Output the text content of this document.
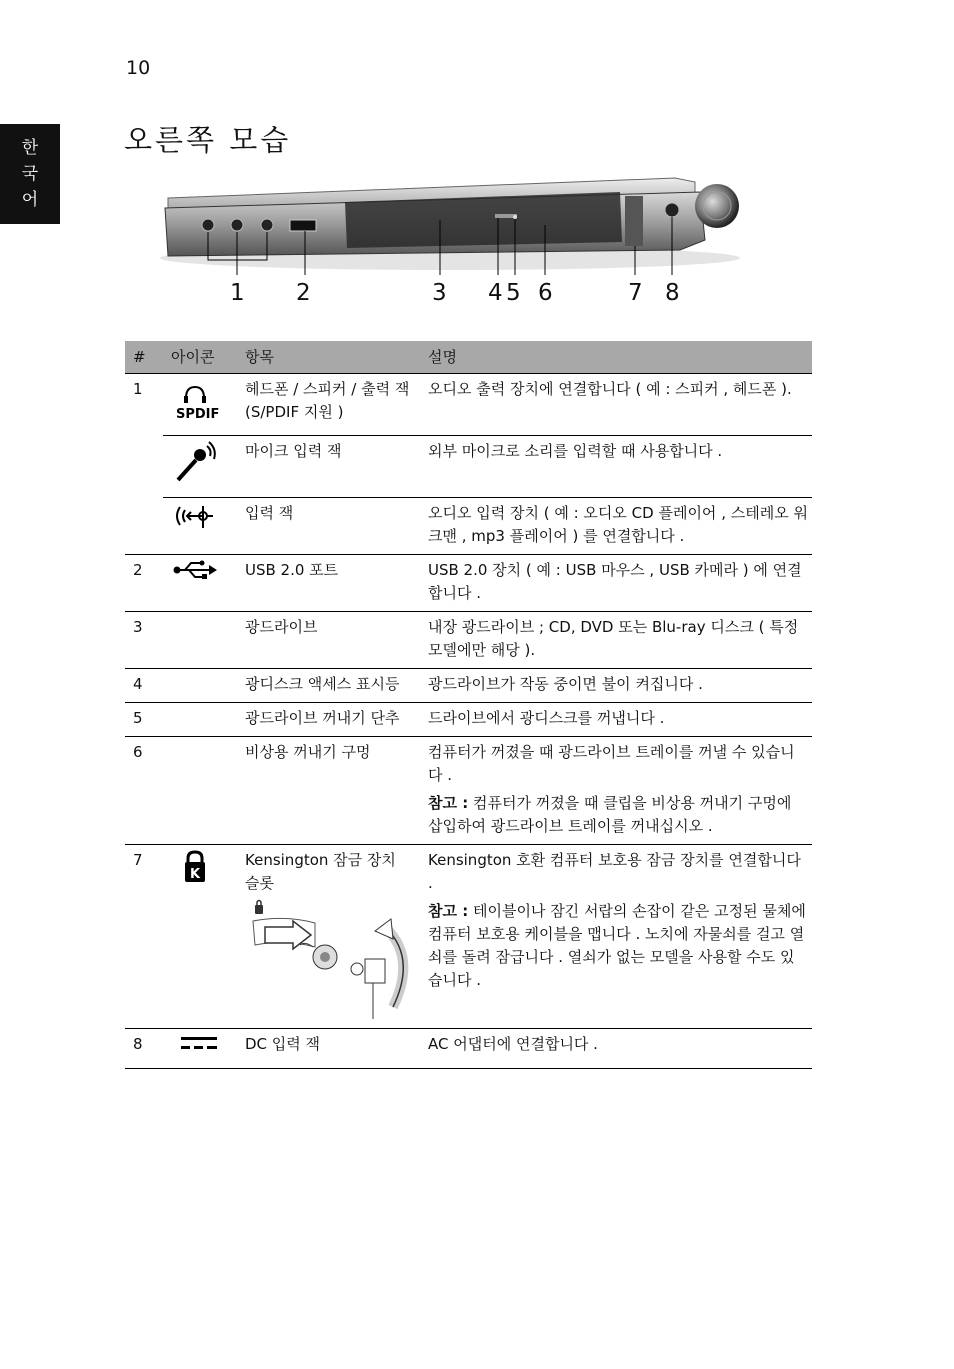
10
한
국
어
오른쪽 모습
1 2	3 4 5 6	7 8
#	아이콘	항목	설명
1	SPDIF	헤드폰 / 스피커 / 출력 잭 (S/PDIF 지원 )	오디오 출력 장치에 연결합니다 ( 예 : 스피커 , 헤드폰 ).
		마이크 입력 잭	외부 마이크로 소리를 입력할 때 사용합니다 .
		입력 잭	오디오 입력 장치 ( 예 : 오디오 CD 플레이어 , 스테레오 워크맨 , mp3 플레이어 ) 를 연결합니다 .
2		USB 2.0 포트	USB 2.0 장치 ( 예 : USB 마우스 , USB 카메라 ) 에 연결합니다 .
3		광드라이브	내장 광드라이브 ; CD, DVD 또는 Blu-ray 디스크 ( 특정 모델에만 해당 ).
4		광디스크 액세스 표시등	광드라이브가 작동 중이면 불이 켜집니다 .
5		광드라이브 꺼내기 단추	드라이브에서 광디스크를 꺼냅니다 .
6		비상용 꺼내기 구멍	컴퓨터가 꺼졌을 때 광드라이브 트레이를 꺼낼 수 있습니다 .
참고 : 컴퓨터가 꺼졌을 때 클립을 비상용 꺼내기 구멍에 삽입하여 광드라이브 트레이를 꺼내십시오 .

7	K	Kensington 잠금 장치 슬롯	Kensington 호환 컴퓨터 보호용 잠금 장치를 연결합니다 .
참고 : 테이블이나 잠긴 서랍의 손잡이 같은 고정된 물체에 컴퓨터 보호용 케이블을 맵니다 . 노치에 자물쇠를 걸고 열쇠를 돌려 잠급니다 . 열쇠가 없는 모델을 사용할 수도 있습니다 .

8		DC 입력 잭	AC 어댑터에 연결합니다 .
